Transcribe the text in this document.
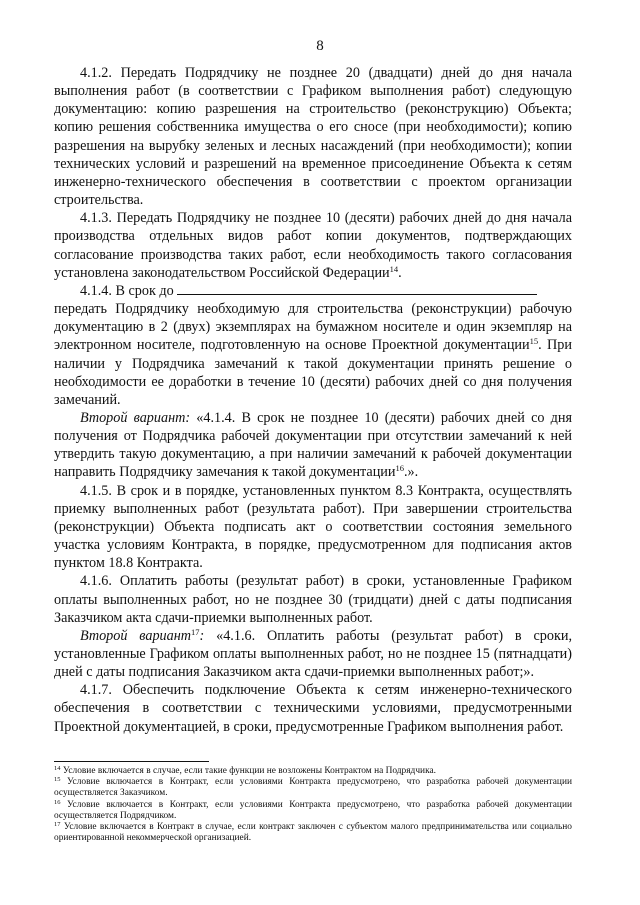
8

4.1.2. Передать Подрядчику не позднее 20 (двадцати) дней до дня начала выполнения работ (в соответствии с Графиком выполнения работ) следующую документацию: копию разрешения на строительство (реконструкцию) Объекта; копию решения собственника имущества о его сносе (при необходимости); копию разрешения на вырубку зеленых и лесных насаждений (при необходимости); копии технических условий и разрешений на временное присоединение Объекта к сетям инженерно-технического обеспечения в соответствии с проектом организации строительства.

4.1.3. Передать Подрядчику не позднее 10 (десяти) рабочих дней до дня начала производства отдельных видов работ копии документов, подтверждающих согласование производства таких работ, если необходимость такого согласования установлена законодательством Российской Федерации$^{14}$.

4.1.4. В срок до

передать Подрядчику необходимую для строительства (реконструкции) рабочую документацию в 2 (двух) экземплярах на бумажном носителе и один экземпляр на электронном носителе, подготовленную на основе Проектной документации$^{15}$. При наличии у Подрядчика замечаний к такой документации принять решение о необходимости ее доработки в течение 10 (десяти) рабочих дней со дня получения замечаний.

Второй вариант: «4.1.4. В срок не позднее 10 (десяти) рабочих дней со дня получения от Подрядчика рабочей документации при отсутствии замечаний к ней утвердить такую документацию, а при наличии замечаний к рабочей документации направить Подрядчику замечания к такой документации$^{16}$.».

4.1.5. В срок и в порядке, установленных пунктом 8.3 Контракта, осуществлять приемку выполненных работ (результата работ). При завершении строительства (реконструкции) Объекта подписать акт о соответствии состояния земельного участка условиям Контракта, в порядке, предусмотренном для подписания актов пунктом 18.8 Контракта.

4.1.6. Оплатить работы (результат работ) в сроки, установленные Графиком оплаты выполненных работ, но не позднее 30 (тридцати) дней с даты подписания Заказчиком акта сдачи-приемки выполненных работ.

Второй вариант$^{17}$: «4.1.6. Оплатить работы (результат работ) в сроки, установленные Графиком оплаты выполненных работ, но не позднее 15 (пятнадцати) дней с даты подписания Заказчиком акта сдачи-приемки выполненных работ;».

4.1.7. Обеспечить подключение Объекта к сетям инженерно-технического обеспечения в соответствии с техническими условиями, предусмотренными Проектной документацией, в сроки, предусмотренные Графиком выполнения работ.

$^{14}$ Условие включается в случае, если такие функции не возложены Контрактом на Подрядчика.

$^{15}$ Условие включается в Контракт, если условиями Контракта предусмотрено, что разработка рабочей документации осуществляется Заказчиком.

$^{16}$ Условие включается в Контракт, если условиями Контракта предусмотрено, что разработка рабочей документации осуществляется Подрядчиком.

$^{17}$ Условие включается в Контракт в случае, если контракт заключен с субъектом малого предпринимательства или социально ориентированной некоммерческой организацией.
